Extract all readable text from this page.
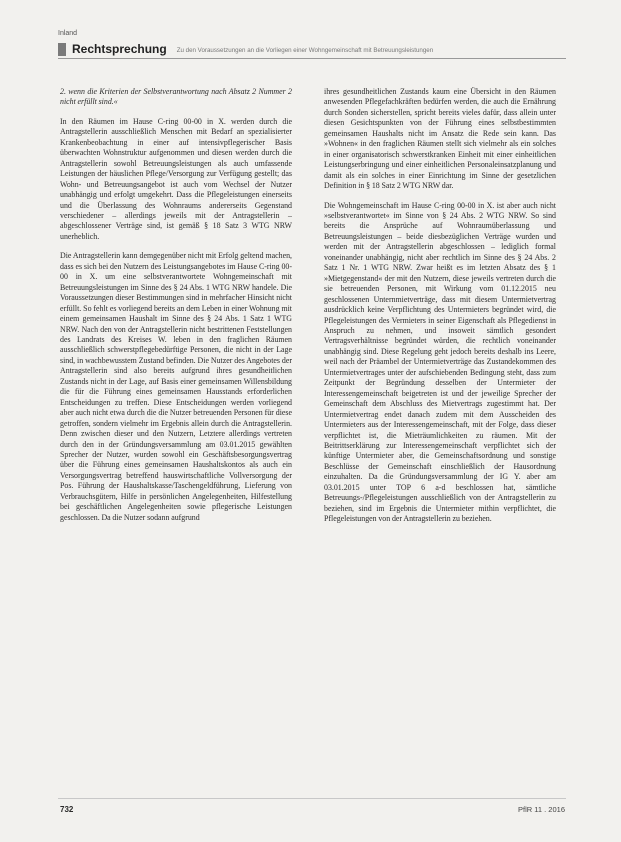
Inland
Rechtsprechung Zu den Voraussetzungen an die Vorliegen einer Wohngemeinschaft mit Betreuungsleistungen

2. wenn die Kriterien der Selbstverantwortung nach Absatz 2 Nummer 2 nicht erfüllt sind.«

In den Räumen im Hause C-ring 00-00 in X. werden durch die Antragstellerin ausschließlich Menschen mit Bedarf an spezialisierter Krankenbeobachtung in einer auf intensivpflegerischer Basis überwachten Wohnstruktur aufgenommen und diesen werden durch die Antragstellerin sowohl Betreuungsleistungen als auch umfassende Leistungen der häuslichen Pflege/Versorgung zur Verfügung gestellt; das Wohn- und Betreuungsangebot ist auch vom Wechsel der Nutzer unabhängig und erfolgt umgekehrt. Dass die Pflegeleistungen einerseits und die Überlassung des Wohnraums andererseits Gegenstand verschiedener – allerdings jeweils mit der Antragstellerin – abgeschlossener Verträge sind, ist gemäß § 18 Satz 3 WTG NRW unerheblich.

Die Antragstellerin kann demgegenüber nicht mit Erfolg geltend machen, dass es sich bei den Nutzern des Leistungsangebotes im Hause C-ring 00-00 in X. um eine selbstverantwortete Wohngemeinschaft mit Betreuungsleistungen im Sinne des § 24 Abs. 1 WTG NRW handele. Die Voraussetzungen dieser Bestimmungen sind in mehrfacher Hinsicht nicht erfüllt. So fehlt es vorliegend bereits an dem Leben in einer Wohnung mit einem gemeinsamen Haushalt im Sinne des § 24 Abs. 1 Satz 1 WTG NRW. Nach den von der Antragstellerin nicht bestrittenen Feststellungen des Landrats des Kreises W. leben in den fraglichen Räumen ausschließlich schwerstpflegebedürftige Personen, die nicht in der Lage sind, in wachbewusstem Zustand befinden. Die Nutzer des Angebotes der Antragstellerin sind also bereits aufgrund ihres gesundheitlichen Zustands nicht in der Lage, auf Basis einer gemeinsamen Willensbildung die für die Führung eines gemeinsamen Hausstands erforderlichen Entscheidungen zu treffen. Diese Entscheidungen werden vorliegend aber auch nicht etwa durch die die Nutzer betreuenden Personen für diese getroffen, sondern vielmehr im Ergebnis allein durch die Antragstellerin. Denn zwischen dieser und den Nutzern, Letztere allerdings vertreten durch den in der Gründungsversammlung am 03.01.2015 gewählten Sprecher der Nutzer, wurden sowohl ein Geschäftsbesorgungsvertrag über die Führung eines gemeinsamen Haushaltskontos als auch ein Versorgungsvertrag betreffend hauswirtschaftliche Vollversorgung der Pos. Führung der Haushaltskasse/Taschengeldführung, Lieferung von Verbrauchsgütern, Hilfe in persönlichen Angelegenheiten, Hilfestellung bei geschäftlichen Angelegenheiten sowie pflegerische Leistungen geschlossen. Da die Nutzer sodann aufgrund

ihres gesundheitlichen Zustands kaum eine Übersicht in den Räumen anwesenden Pflegefachkräften bedürfen werden, die auch die Ernährung durch Sonden sicherstellen, spricht bereits vieles dafür, dass allein unter diesen Gesichtspunkten von der Führung eines selbstbestimmten gemeinsamen Haushalts nicht im Ansatz die Rede sein kann. Das »Wohnen« in den fraglichen Räumen stellt sich vielmehr als ein solches in einer organisatorisch schwerstkranken Einheit mit einer einheitlichen Leistungserbringung und einer einheitlichen Personaleinsatzplanung und damit als ein solches in einer Einrichtung im Sinne der gesetzlichen Definition in § 18 Satz 2 WTG NRW dar.

Die Wohngemeinschaft im Hause C-ring 00-00 in X. ist aber auch nicht »selbstverantwortet« im Sinne von § 24 Abs. 2 WTG NRW. So sind bereits die Ansprüche auf Wohnraumüberlassung und Betreuungsleistungen – beide diesbezüglichen Verträge wurden und werden mit der Antragstellerin abgeschlossen – lediglich formal voneinander unabhängig, nicht aber rechtlich im Sinne des § 24 Abs. 2 Satz 1 Nr. 1 WTG NRW. Zwar heißt es im letzten Absatz des § 1 »Mietgegenstand« der mit den Nutzern, diese jeweils vertreten durch die sie betreuenden Personen, mit Wirkung vom 01.12.2015 neu geschlossenen Unternmietverträge, dass mit diesem Untermietvertrag ausdrücklich keine Verpflichtung des Untermieters begründet wird, die Pflegeleistungen des Vermieters in seiner Eigenschaft als Pflegedienst in Anspruch zu nehmen, und insoweit sämtlich gesondert Vertragsverhältnisse begründet würden, die rechtlich voneinander unabhängig sind. Diese Regelung geht jedoch bereits deshalb ins Leere, weil nach der Präambel der Untermietverträge das Zustandekommen des Untermietvertrages unter der aufschiebenden Bedingung steht, dass zum Zeitpunkt der Begründung desselben der Untermieter der Interessengemeinschaft beigetreten ist und der jeweilige Sprecher der Gemeinschaft dem Abschluss des Mietvertrags zugestimmt hat. Der Untermietvertrag endet danach zudem mit dem Ausscheiden des Untermieters aus der Interessengemeinschaft, mit der Folge, dass dieser verpflichtet ist, die Mieträumlichkeiten zu räumen. Mit der Beitrittserklärung zur Interessengemeinschaft verpflichtet sich der künftige Untermieter aber, die Gemeinschaftsordnung und sonstige Beschlüsse der Gemeinschaft einschließlich der Hausordnung einzuhalten. Da die Gründungsversammlung der IG Y. aber am 03.01.2015 unter TOP 6 a-d beschlossen hat, sämtliche Betreuungs-/Pflegeleistungen ausschließlich von der Antragstellerin zu beziehen, sind im Ergebnis die Untermieter mithin verpflichtet, die Pflegeleistungen von der Antragstellerin zu beziehen.

732	PflR 11 . 2016
